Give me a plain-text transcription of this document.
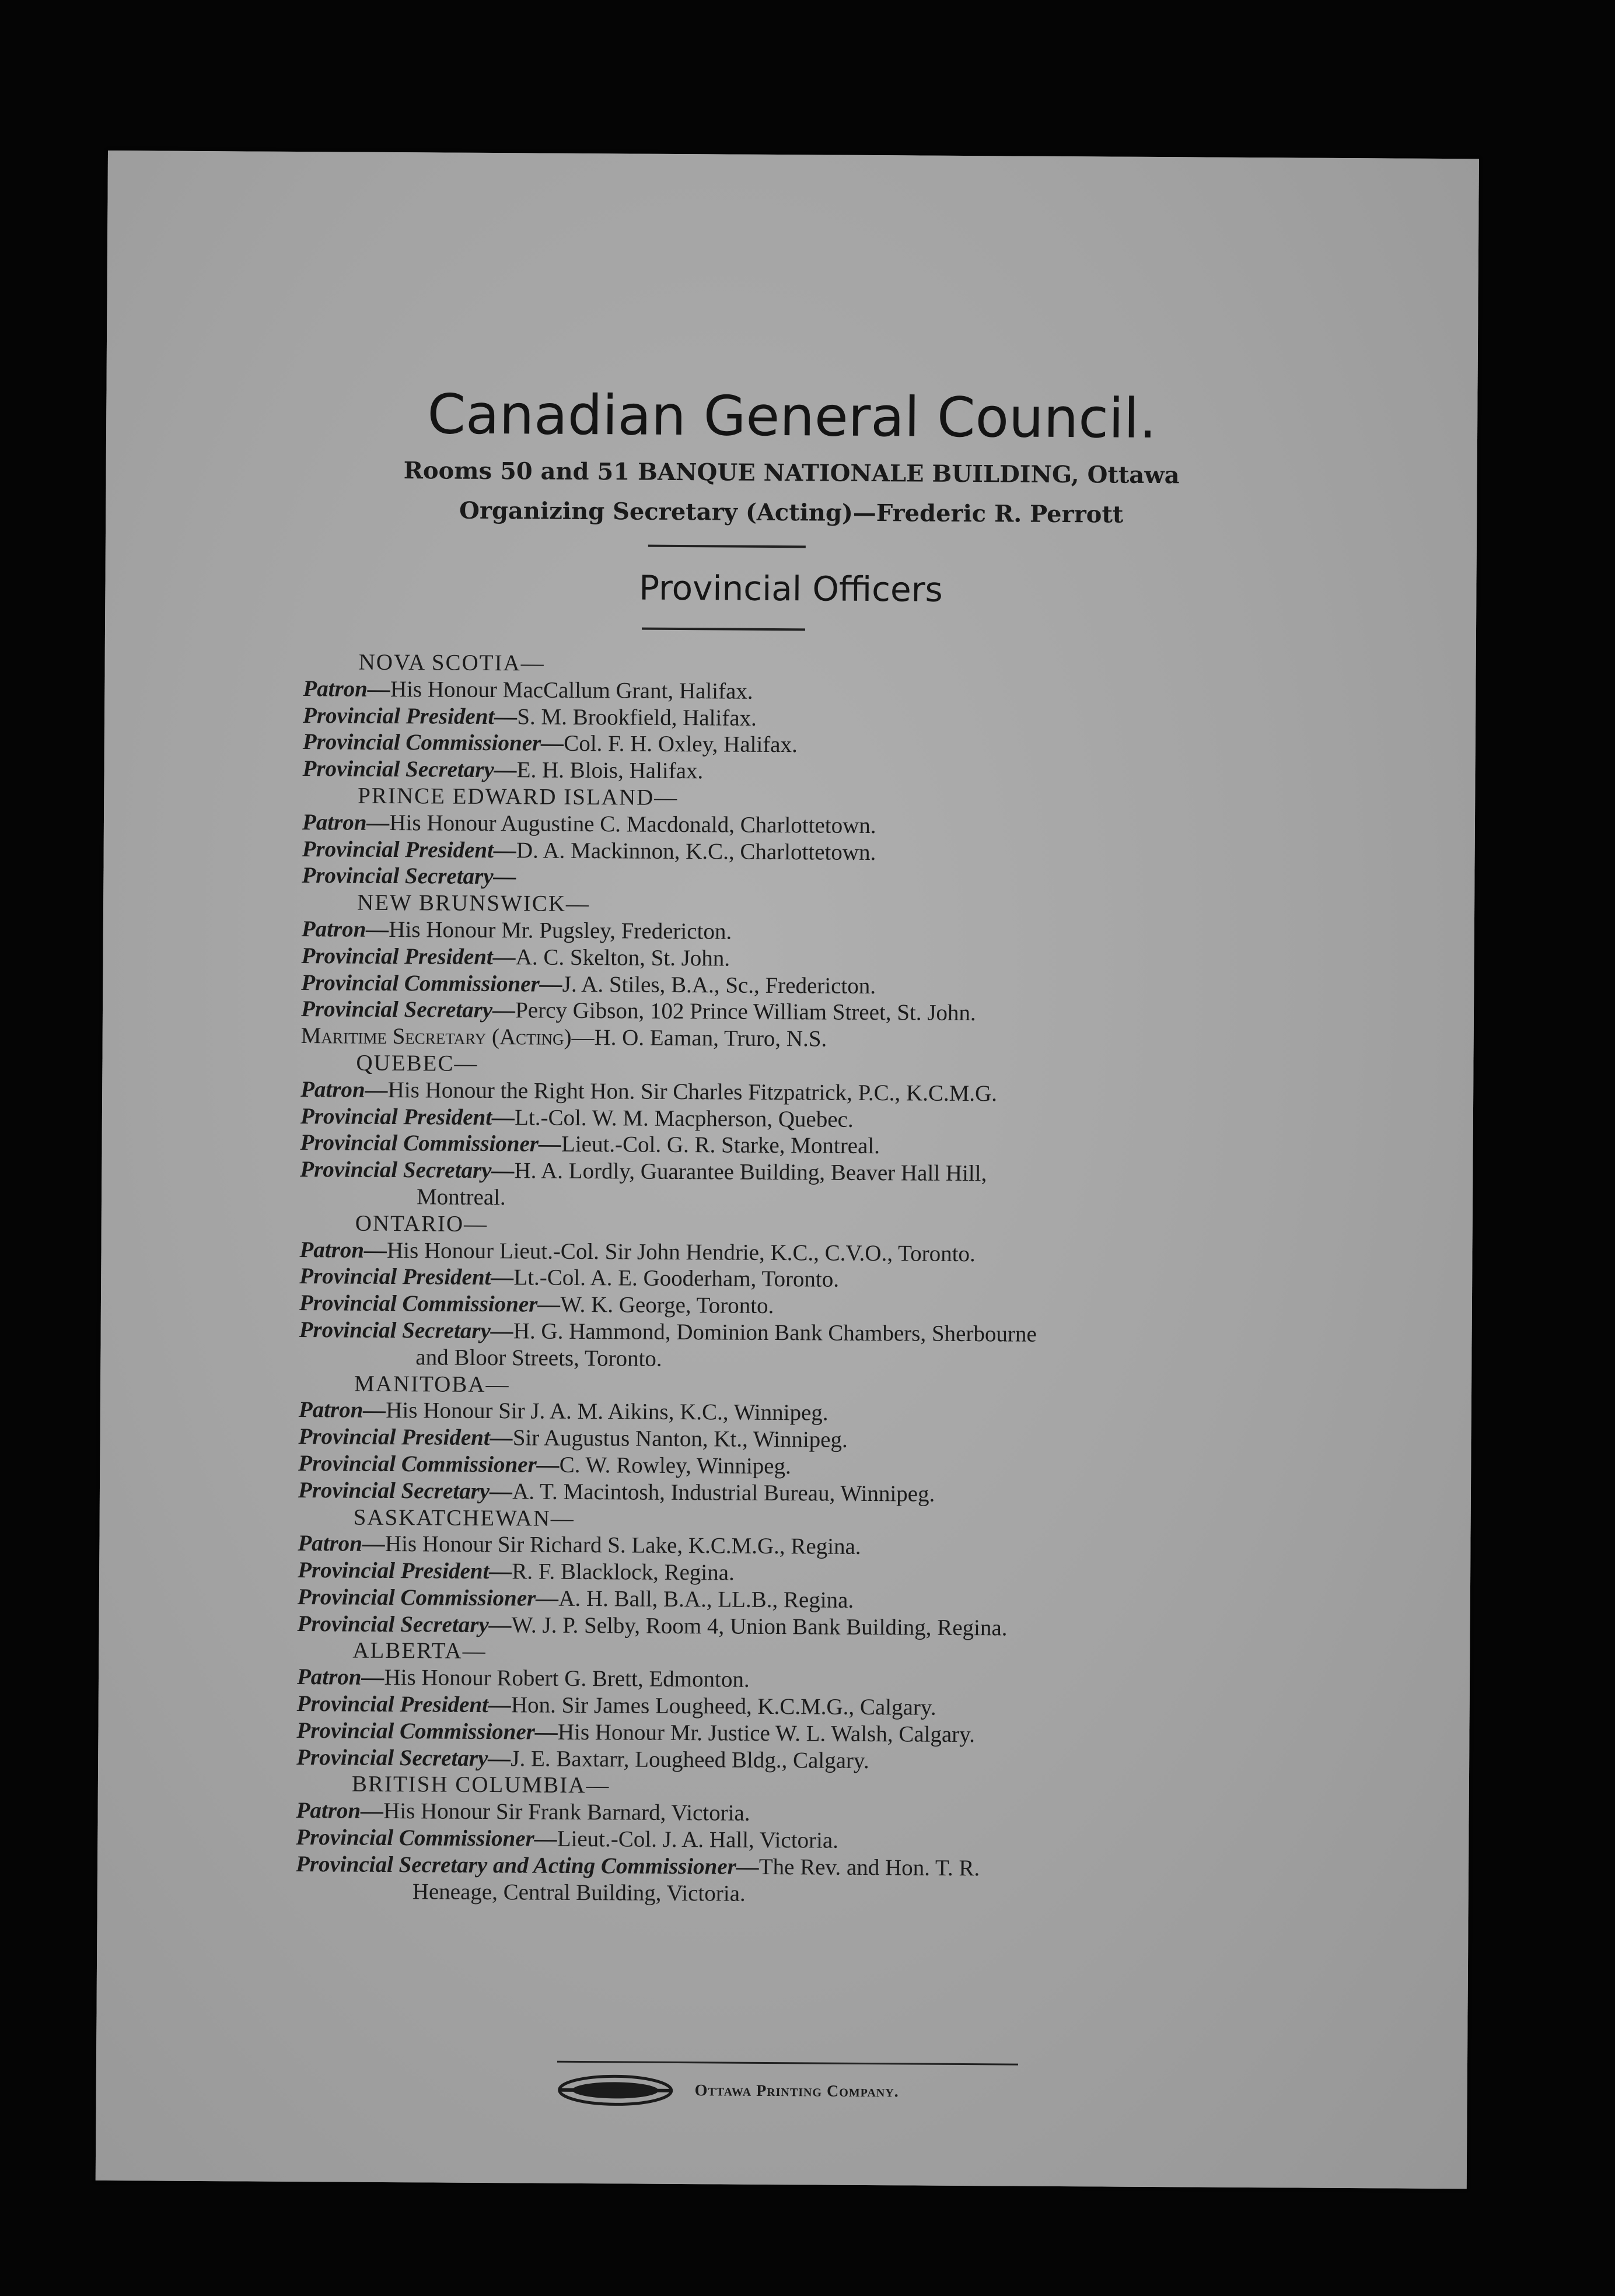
Canadian General Council.
Rooms 50 and 51 BANQUE NATIONALE BUILDING, Ottawa
Organizing Secretary (Acting)—Frederic R. Perrott
Provincial Officers
NOVA SCOTIA—
Patron—His Honour MacCallum Grant, Halifax.
Provincial President—S. M. Brookfield, Halifax.
Provincial Commissioner—Col. F. H. Oxley, Halifax.
Provincial Secretary—E. H. Blois, Halifax.
PRINCE EDWARD ISLAND—
Patron—His Honour Augustine C. Macdonald, Charlottetown.
Provincial President—D. A. Mackinnon, K.C., Charlottetown.
Provincial Secretary—
NEW BRUNSWICK—
Patron—His Honour Mr. Pugsley, Fredericton.
Provincial President—A. C. Skelton, St. John.
Provincial Commissioner—J. A. Stiles, B.A., Sc., Fredericton.
Provincial Secretary—Percy Gibson, 102 Prince William Street, St. John.
Maritime Secretary (Acting)—H. O. Eaman, Truro, N.S.
QUEBEC—
Patron—His Honour the Right Hon. Sir Charles Fitzpatrick, P.C., K.C.M.G.
Provincial President—Lt.-Col. W. M. Macpherson, Quebec.
Provincial Commissioner—Lieut.-Col. G. R. Starke, Montreal.
Provincial Secretary—H. A. Lordly, Guarantee Building, Beaver Hall Hill,
Montreal.
ONTARIO—
Patron—His Honour Lieut.-Col. Sir John Hendrie, K.C., C.V.O., Toronto.
Provincial President—Lt.-Col. A. E. Gooderham, Toronto.
Provincial Commissioner—W. K. George, Toronto.
Provincial Secretary—H. G. Hammond, Dominion Bank Chambers, Sherbourne
and Bloor Streets, Toronto.
MANITOBA—
Patron—His Honour Sir J. A. M. Aikins, K.C., Winnipeg.
Provincial President—Sir Augustus Nanton, Kt., Winnipeg.
Provincial Commissioner—C. W. Rowley, Winnipeg.
Provincial Secretary—A. T. Macintosh, Industrial Bureau, Winnipeg.
SASKATCHEWAN—
Patron—His Honour Sir Richard S. Lake, K.C.M.G., Regina.
Provincial President—R. F. Blacklock, Regina.
Provincial Commissioner—A. H. Ball, B.A., LL.B., Regina.
Provincial Secretary—W. J. P. Selby, Room 4, Union Bank Building, Regina.
ALBERTA—
Patron—His Honour Robert G. Brett, Edmonton.
Provincial President—Hon. Sir James Lougheed, K.C.M.G., Calgary.
Provincial Commissioner—His Honour Mr. Justice W. L. Walsh, Calgary.
Provincial Secretary—J. E. Baxtarr, Lougheed Bldg., Calgary.
BRITISH COLUMBIA—
Patron—His Honour Sir Frank Barnard, Victoria.
Provincial Commissioner—Lieut.-Col. J. A. Hall, Victoria.
Provincial Secretary and Acting Commissioner—The Rev. and Hon. T. R.
Heneage, Central Building, Victoria.
Ottawa Printing Company.
